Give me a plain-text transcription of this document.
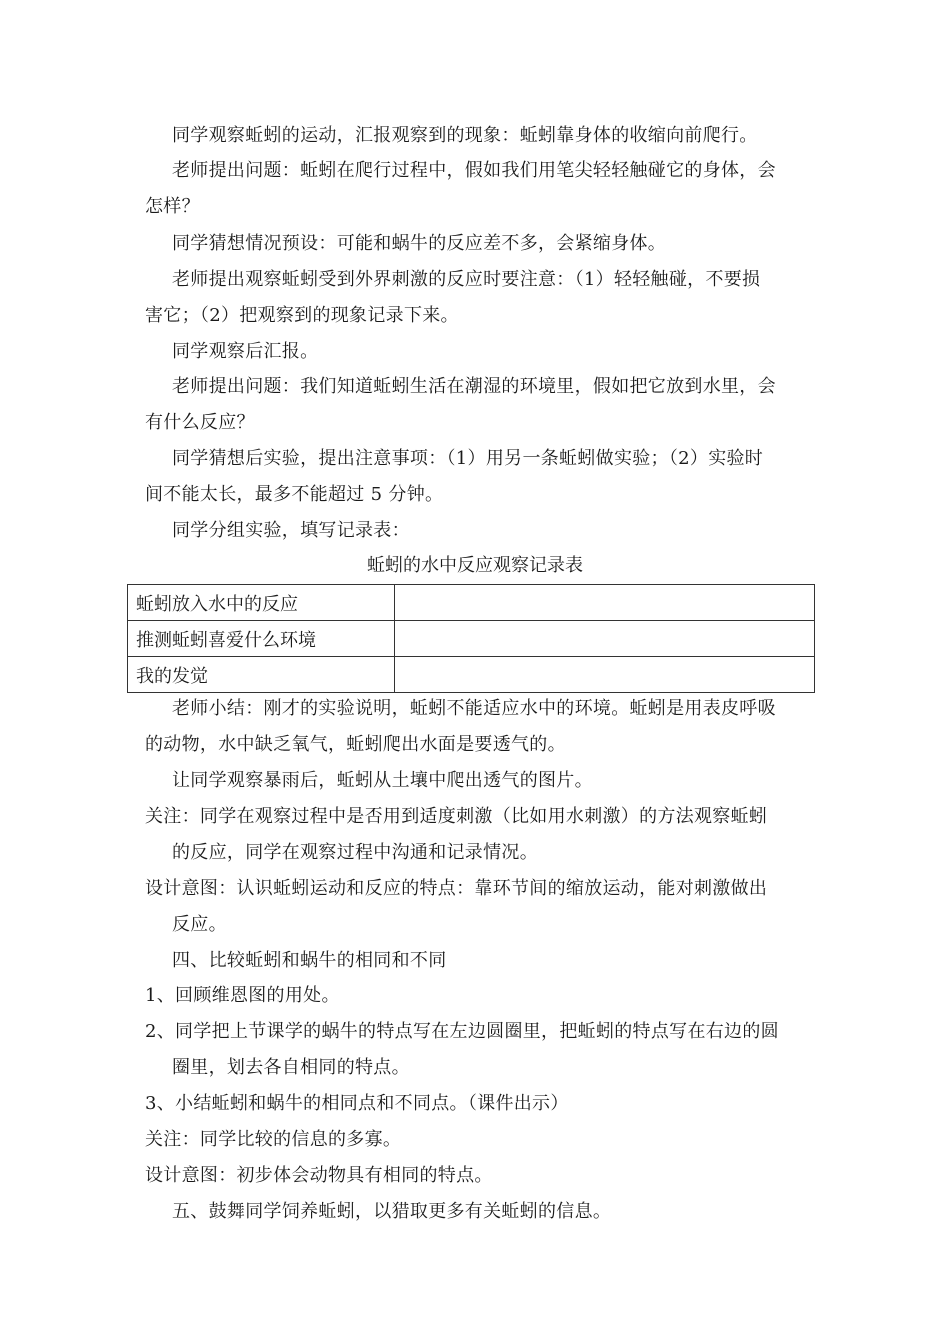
同学观察蚯蚓的运动，汇报观察到的现象：蚯蚓靠身体的收缩向前爬行。
老师提出问题：蚯蚓在爬行过程中，假如我们用笔尖轻轻触碰它的身体，会
怎样？
同学猜想情况预设：可能和蜗牛的反应差不多，会紧缩身体。
老师提出观察蚯蚓受到外界刺激的反应时要注意：（1）轻轻触碰，不要损
害它；（2）把观察到的现象记录下来。
同学观察后汇报。
老师提出问题：我们知道蚯蚓生活在潮湿的环境里，假如把它放到水里，会
有什么反应？
同学猜想后实验，提出注意事项：（1）用另一条蚯蚓做实验；（2）实验时
间不能太长，最多不能超过 5 分钟。
同学分组实验，填写记录表：
蚯蚓的水中反应观察记录表
蚯蚓放入水中的反应	
推测蚯蚓喜爱什么环境	
我的发觉	
老师小结：刚才的实验说明，蚯蚓不能适应水中的环境。蚯蚓是用表皮呼吸
的动物，水中缺乏氧气，蚯蚓爬出水面是要透气的。
让同学观察暴雨后，蚯蚓从土壤中爬出透气的图片。
关注：同学在观察过程中是否用到适度刺激（比如用水刺激）的方法观察蚯蚓
的反应，同学在观察过程中沟通和记录情况。
设计意图：认识蚯蚓运动和反应的特点：靠环节间的缩放运动，能对刺激做出
反应。
四、比较蚯蚓和蜗牛的相同和不同
1、回顾维恩图的用处。
2、同学把上节课学的蜗牛的特点写在左边圆圈里，把蚯蚓的特点写在右边的圆
圈里，划去各自相同的特点。
3、小结蚯蚓和蜗牛的相同点和不同点。（课件出示）
关注：同学比较的信息的多寡。
设计意图：初步体会动物具有相同的特点。
五、鼓舞同学饲养蚯蚓，以猎取更多有关蚯蚓的信息。
